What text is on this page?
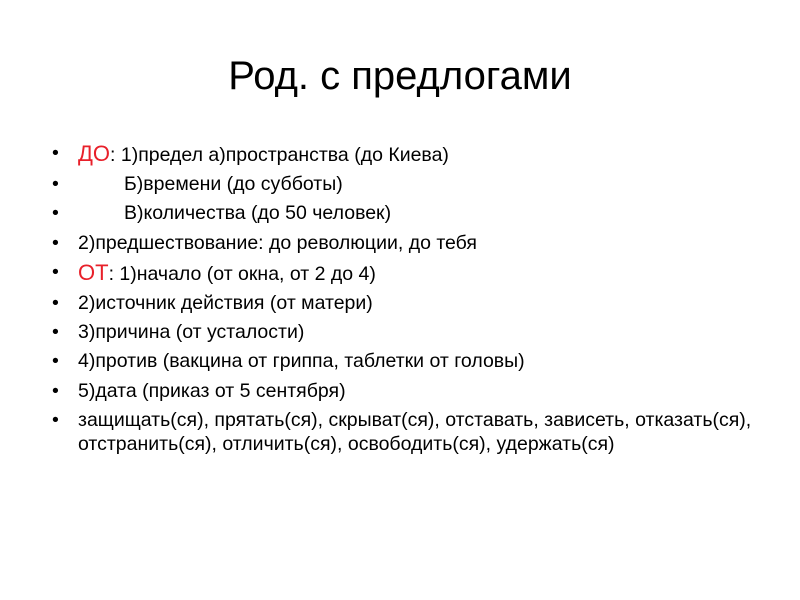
Род. с предлогами
• ДО: 1)предел а)пространства (до Киева)
•	Б)времени (до субботы)
•	В)количества (до 50 человек)
• 2)предшествование: до революции, до тебя
• ОТ: 1)начало (от окна, от 2 до 4)
• 2)источник действия (от матери)
• 3)причина (от усталости)
• 4)против (вакцина от гриппа, таблетки от головы)
• 5)дата (приказ от 5 сентября)
• защищать(ся), прятать(ся), скрыват(ся), отставать, зависеть, отказать(ся), отстранить(ся), отличить(ся), освободить(ся), удержать(ся)
